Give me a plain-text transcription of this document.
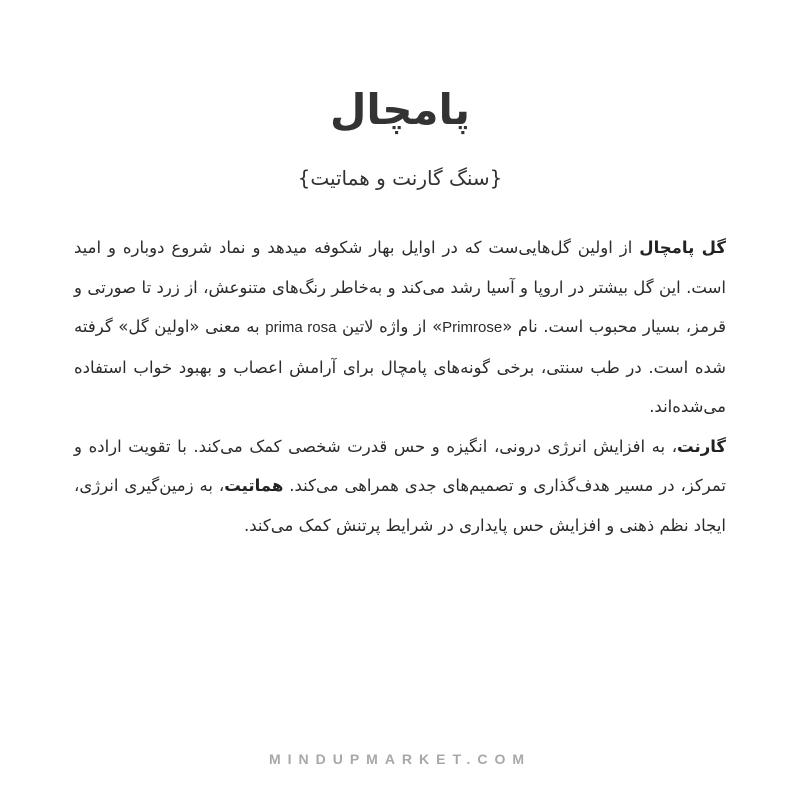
پامچال
{سنگ گارنت و هماتیت}

گل پامچال از اولین گل‌هایی‌ست که در اوایل بهار شکوفه میدهد و نماد شروع دوباره و امید است. این گل بیشتر در اروپا و آسیا رشد می‌کند و به‌خاطر رنگ‌های متنوعش، از زرد تا صورتی و قرمز، بسیار محبوب است. نام «Primrose» از واژه لاتین prima rosa به معنی «اولین گل» گرفته شده است. در طب سنتی، برخی گونه‌های پامچال برای آرامش اعصاب و بهبود خواب استفاده می‌شده‌اند.

گارنت، به افزایش انرژی درونی، انگیزه و حس قدرت شخصی کمک می‌کند. با تقویت اراده و تمرکز، در مسیر هدف‌گذاری و تصمیم‌های جدی همراهی می‌کند. هماتیت، به زمین‌گیری انرژی، ایجاد نظم ذهنی و افزایش حس پایداری در شرایط پرتنش کمک می‌کند.

MINDUPMARKET.COM
